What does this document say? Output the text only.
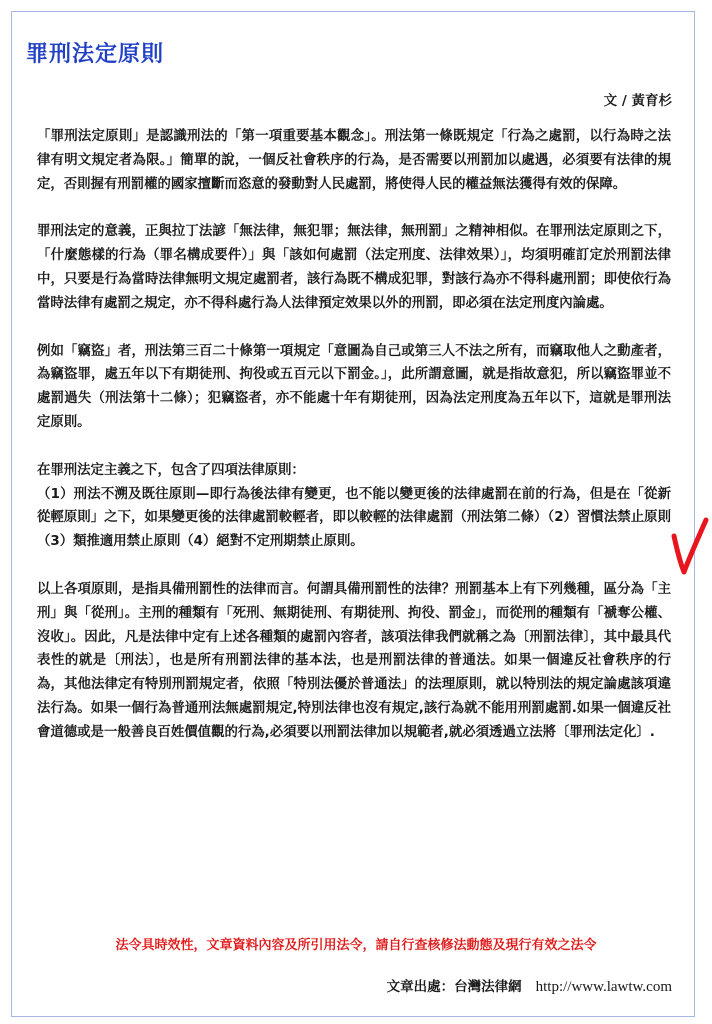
罪刑法定原則
文 / 黃育杉

「罪刑法定原則」是認識刑法的「第一項重要基本觀念」。刑法第一條既規定「行為之處罰，以行為時之法律有明文規定者為限。」簡單的說，一個反社會秩序的行為，是否需要以刑罰加以處遇，必須要有法律的規定，否則握有刑罰權的國家擅斷而恣意的發動對人民處罰，將使得人民的權益無法獲得有效的保障。

罪刑法定的意義，正與拉丁法諺「無法律，無犯罪；無法律，無刑罰」之精神相似。在罪刑法定原則之下，「什麼態樣的行為（罪名構成要件）」與「該如何處罰（法定刑度、法律效果）」，均須明確訂定於刑罰法律中，只要是行為當時法律無明文規定處罰者，該行為既不構成犯罪，對該行為亦不得科處刑罰；即使依行為當時法律有處罰之規定，亦不得科處行為人法律預定效果以外的刑罰，即必須在法定刑度內論處。

例如「竊盜」者，刑法第三百二十條第一項規定「意圖為自己或第三人不法之所有，而竊取他人之動產者，為竊盜罪，處五年以下有期徒刑、拘役或五百元以下罰金。」，此所謂意圖，就是指故意犯，所以竊盜罪並不處罰過失（刑法第十二條）；犯竊盜者，亦不能處十年有期徒刑，因為法定刑度為五年以下，這就是罪刑法定原則。

在罪刑法定主義之下，包含了四項法律原則：

（1）刑法不溯及既往原則—即行為後法律有變更，也不能以變更後的法律處罰在前的行為，但是在「從新從輕原則」之下，如果變更後的法律處罰較輕者，即以較輕的法律處罰（刑法第二條）（2）習慣法禁止原則（3）類推適用禁止原則（4）絕對不定刑期禁止原則。

以上各項原則，是指具備刑罰性的法律而言。何謂具備刑罰性的法律？刑罰基本上有下列幾種，區分為「主刑」與「從刑」。主刑的種類有「死刑、無期徒刑、有期徒刑、拘役、罰金」，而從刑的種類有「褫奪公權、沒收」。因此，凡是法律中定有上述各種類的處罰內容者，該項法律我們就稱之為〔刑罰法律〕，其中最具代表性的就是〔刑法〕，也是所有刑罰法律的基本法，也是刑罰法律的普通法。如果一個違反社會秩序的行為，其他法律定有特別刑罰規定者，依照「特別法優於普通法」的法理原則，就以特別法的規定論處該項違法行為。如果一個行為普通刑法無處罰規定,特別法律也沒有規定,該行為就不能用刑罰處罰.如果一個違反社會道德或是一般善良百姓價值觀的行為,必須要以刑罰法律加以規範者,就必須透過立法將〔罪刑法定化〕.

法令具時效性，文章資料內容及所引用法令，請自行查核修法動態及現行有效之法令
文章出處：台灣法律網 http://www.lawtw.com
